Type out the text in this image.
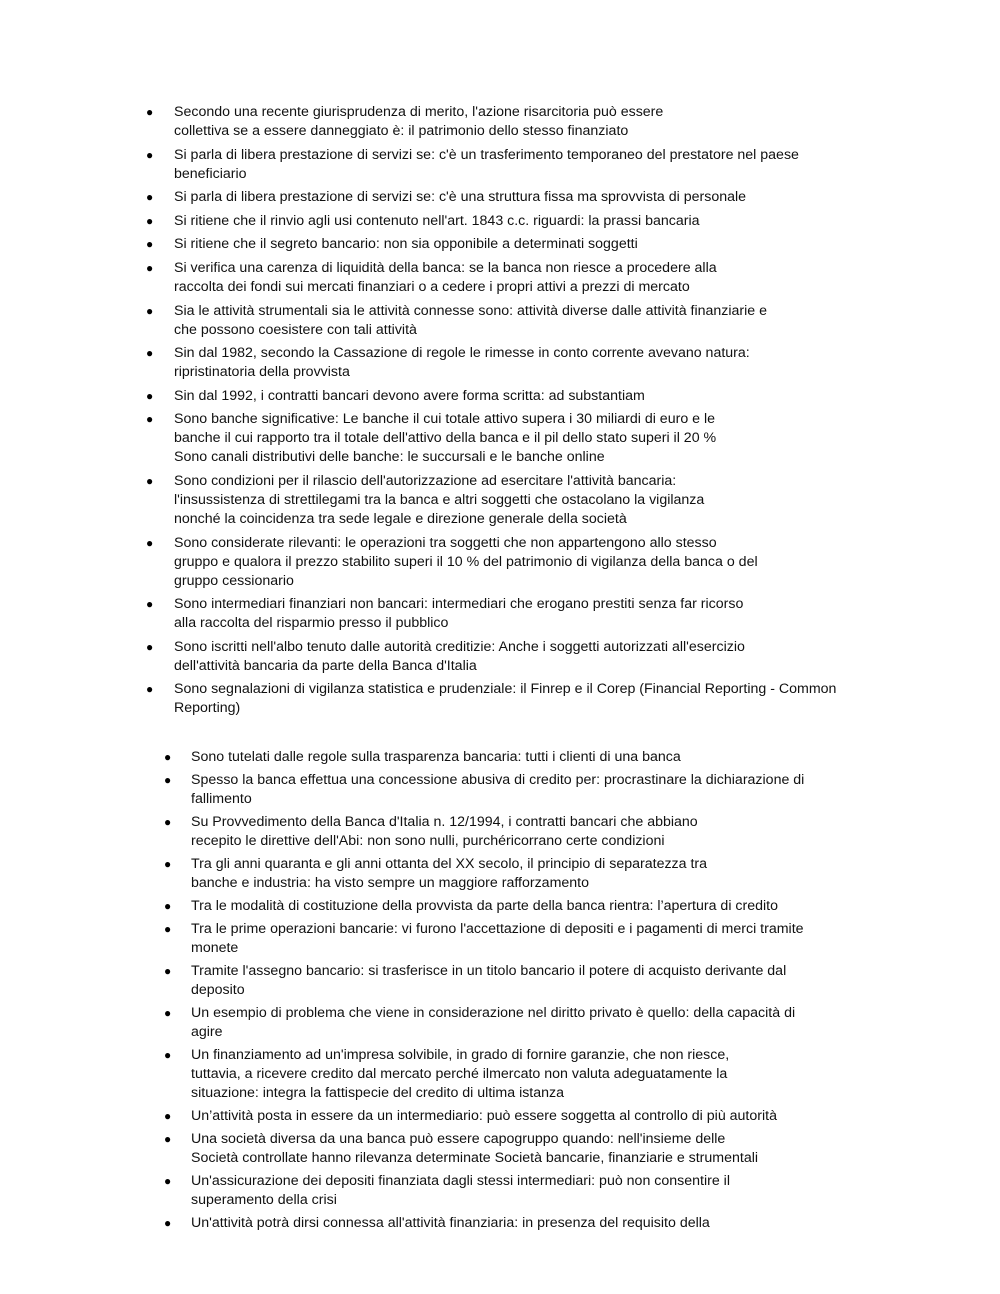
●	Secondo una recente giurisprudenza di merito, l'azione risarcitoria può essere
collettiva se a essere danneggiato è: il patrimonio dello stesso finanziato
●	Si parla di libera prestazione di servizi se: c'è un trasferimento temporaneo del prestatore nel paese
beneficiario
●	Si parla di libera prestazione di servizi se: c'è una struttura fissa ma sprovvista di personale
●	Si ritiene che il rinvio agli usi contenuto nell'art. 1843 c.c. riguardi: la prassi bancaria
●	Si ritiene che il segreto bancario: non sia opponibile a determinati soggetti
●	Si verifica una carenza di liquidità della banca: se la banca non riesce a procedere alla
raccolta dei fondi sui mercati finanziari o a cedere i propri attivi a prezzi di mercato
●	Sia le attività strumentali sia le attività connesse sono: attività diverse dalle attività finanziarie e
che possono coesistere con tali attività
●	Sin dal 1982, secondo la Cassazione di regole le rimesse in conto corrente avevano natura:
ripristinatoria della provvista
●	Sin dal 1992, i contratti bancari devono avere forma scritta: ad substantiam
●	Sono banche significative: Le banche il cui totale attivo supera i 30 miliardi di euro e le
banche il cui rapporto tra il totale dell'attivo della banca e il pil dello stato superi il 20 %
Sono canali distributivi delle banche: le succursali e le banche online
●	Sono condizioni per il rilascio dell'autorizzazione ad esercitare l'attività bancaria:
l'insussistenza di strettilegami tra la banca e altri soggetti che ostacolano la vigilanza
nonché la coincidenza tra sede legale e direzione generale della società
●	Sono considerate rilevanti: le operazioni tra soggetti che non appartengono allo stesso
gruppo e qualora il prezzo stabilito superi il 10 % del patrimonio di vigilanza della banca o del
gruppo cessionario
●	Sono intermediari finanziari non bancari: intermediari che erogano prestiti senza far ricorso
alla raccolta del risparmio presso il pubblico
●	Sono iscritti nell'albo tenuto dalle autorità creditizie: Anche i soggetti autorizzati all'esercizio
dell'attività bancaria da parte della Banca d'Italia
●	Sono segnalazioni di vigilanza statistica e prudenziale: il Finrep e il Corep (Financial Reporting - Common
Reporting)
●	Sono tutelati dalle regole sulla trasparenza bancaria: tutti i clienti di una banca
●	Spesso la banca effettua una concessione abusiva di credito per: procrastinare la dichiarazione di
fallimento
●	Su Provvedimento della Banca d'Italia n. 12/1994, i contratti bancari che abbiano
recepito le direttive dell'Abi: non sono nulli, purchéricorrano certe condizioni
●	Tra gli anni quaranta e gli anni ottanta del XX secolo, il principio di separatezza tra
banche e industria: ha visto sempre un maggiore rafforzamento
●	Tra le modalità di costituzione della provvista da parte della banca rientra: l’apertura di credito
●	Tra le prime operazioni bancarie: vi furono l'accettazione di depositi e i pagamenti di merci tramite
monete
●	Tramite l'assegno bancario: si trasferisce in un titolo bancario il potere di acquisto derivante dal
deposito
●	Un esempio di problema che viene in considerazione nel diritto privato è quello: della capacità di
agire
●	Un finanziamento ad un'impresa solvibile, in grado di fornire garanzie, che non riesce,
tuttavia, a ricevere credito dal mercato perché ilmercato non valuta adeguatamente la
situazione: integra la fattispecie del credito di ultima istanza
●	Un’attività posta in essere da un intermediario: può essere soggetta al controllo di più autorità
●	Una società diversa da una banca può essere capogruppo quando: nell'insieme delle
Società controllate hanno rilevanza determinate Società bancarie, finanziarie e strumentali
●	Un'assicurazione dei depositi finanziata dagli stessi intermediari: può non consentire il
superamento della crisi
●	Un'attività potrà dirsi connessa all'attività finanziaria: in presenza del requisito della
